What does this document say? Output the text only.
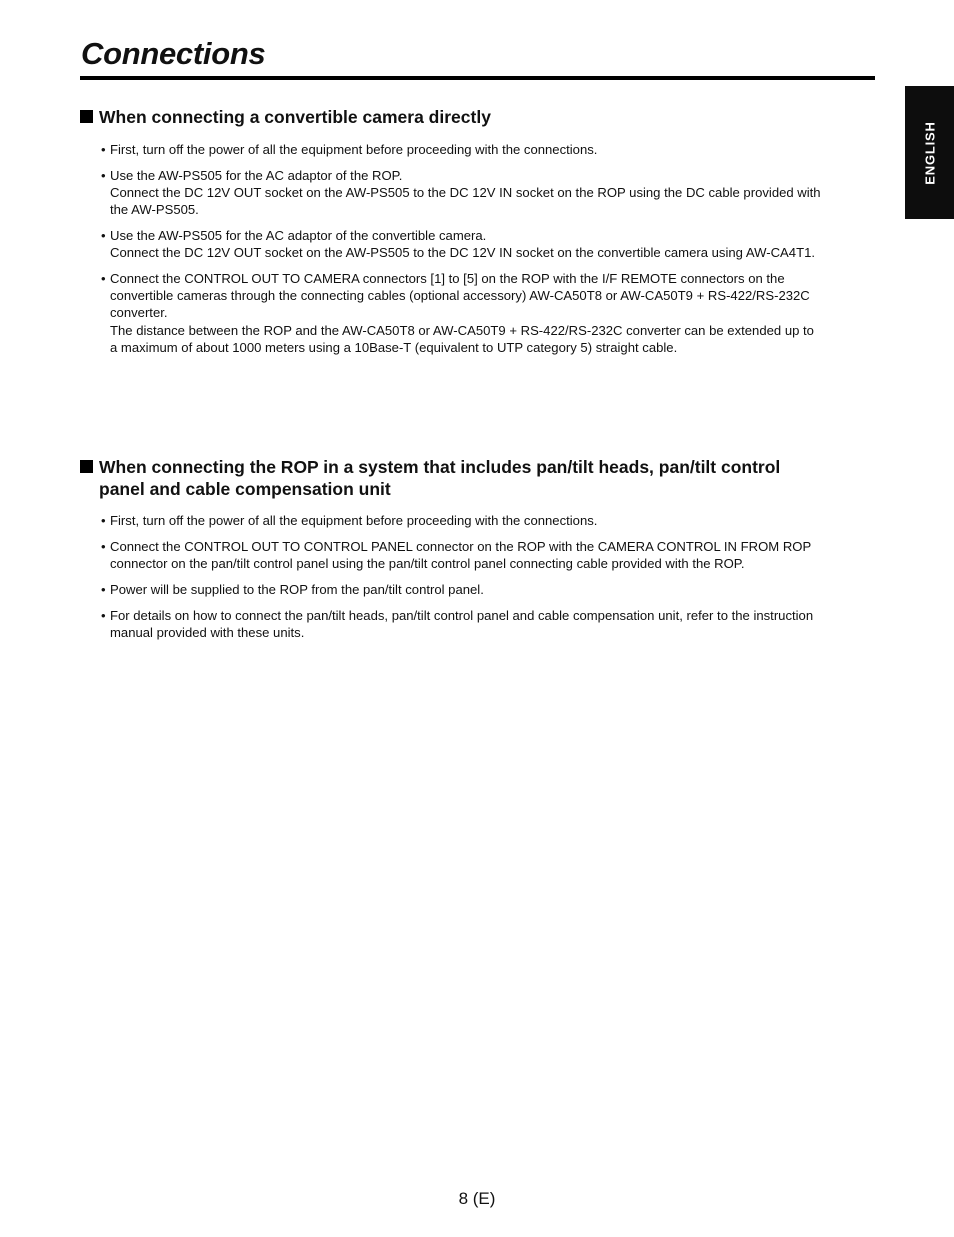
Connections
ENGLISH
When connecting a convertible camera directly
• First, turn off the power of all the equipment before proceeding with the connections.
• Use the AW-PS505 for the AC adaptor of the ROP.
Connect the DC 12V OUT socket on the AW-PS505 to the DC 12V IN socket on the ROP using the DC cable provided with
the AW-PS505.
• Use the AW-PS505 for the AC adaptor of the convertible camera.
Connect the DC 12V OUT socket on the AW-PS505 to the DC 12V IN socket on the convertible camera using AW-CA4T1.
• Connect the CONTROL OUT TO CAMERA connectors [1] to [5] on the ROP with the I/F REMOTE connectors on the
convertible cameras through the connecting cables (optional accessory) AW-CA50T8 or AW-CA50T9 + RS-422/RS-232C
converter.
The distance between the ROP and the AW-CA50T8 or AW-CA50T9 + RS-422/RS-232C converter can be extended up to
a maximum of about 1000 meters using a 10Base-T (equivalent to UTP category 5) straight cable.
When connecting the ROP in a system that includes pan/tilt heads, pan/tilt control
panel and cable compensation unit
• First, turn off the power of all the equipment before proceeding with the connections.
• Connect the CONTROL OUT TO CONTROL PANEL connector on the ROP with the CAMERA CONTROL IN FROM ROP
connector on the pan/tilt control panel using the pan/tilt control panel connecting cable provided with the ROP.
• Power will be supplied to the ROP from the pan/tilt control panel.
• For details on how to connect the pan/tilt heads, pan/tilt control panel and cable compensation unit, refer to the instruction
manual provided with these units.
8 (E)
